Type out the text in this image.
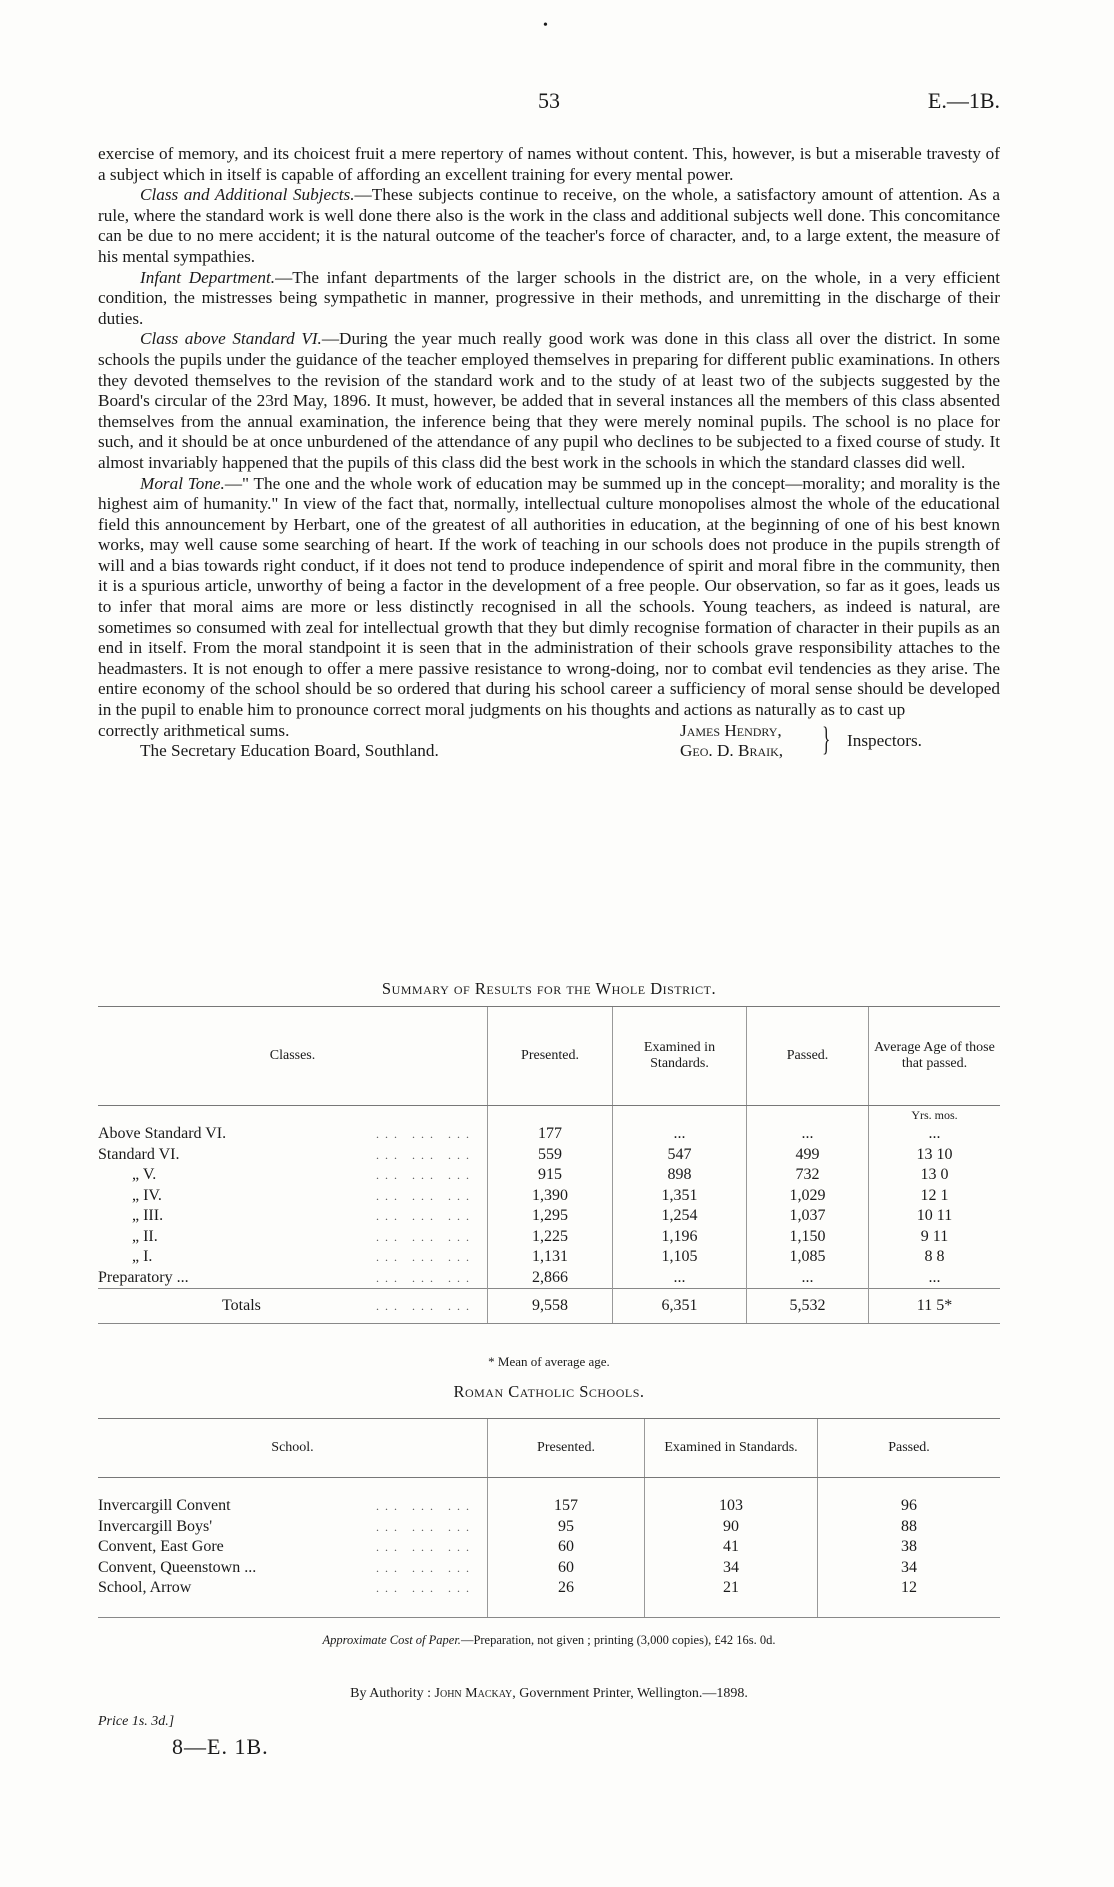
•
53	E.—1B.

exercise of memory, and its choicest fruit a mere repertory of names without content. This, however, is but a miserable travesty of a subject which in itself is capable of affording an excellent training for every mental power.

Class and Additional Subjects.—These subjects continue to receive, on the whole, a satisfactory amount of attention. As a rule, where the standard work is well done there also is the work in the class and additional subjects well done. This concomitance can be due to no mere accident; it is the natural outcome of the teacher's force of character, and, to a large extent, the measure of his mental sympathies.

Infant Department.—The infant departments of the larger schools in the district are, on the whole, in a very efficient condition, the mistresses being sympathetic in manner, progressive in their methods, and unremitting in the discharge of their duties.

Class above Standard VI.—During the year much really good work was done in this class all over the district. In some schools the pupils under the guidance of the teacher employed themselves in preparing for different public examinations. In others they devoted themselves to the revision of the standard work and to the study of at least two of the subjects suggested by the Board's circular of the 23rd May, 1896. It must, however, be added that in several instances all the members of this class absented themselves from the annual examination, the inference being that they were merely nominal pupils. The school is no place for such, and it should be at once unburdened of the attendance of any pupil who declines to be subjected to a fixed course of study. It almost invariably happened that the pupils of this class did the best work in the schools in which the standard classes did well.

Moral Tone.—" The one and the whole work of education may be summed up in the concept—morality; and morality is the highest aim of humanity." In view of the fact that, normally, intellectual culture monopolises almost the whole of the educational field this announcement by Herbart, one of the greatest of all authorities in education, at the beginning of one of his best known works, may well cause some searching of heart. If the work of teaching in our schools does not produce in the pupils strength of will and a bias towards right conduct, if it does not tend to produce independence of spirit and moral fibre in the community, then it is a spurious article, unworthy of being a factor in the development of a free people. Our observation, so far as it goes, leads us to infer that moral aims are more or less distinctly recognised in all the schools. Young teachers, as indeed is natural, are sometimes so consumed with zeal for intellectual growth that they but dimly recognise formation of character in their pupils as an end in itself. From the moral standpoint it is seen that in the administration of their schools grave responsibility attaches to the headmasters. It is not enough to offer a mere passive resistance to wrong-doing, nor to combat evil tendencies as they arise. The entire economy of the school should be so ordered that during his school career a sufficiency of moral sense should be developed in the pupil to enable him to pronounce correct moral judgments on his thoughts and actions as naturally as to cast up

correctly arithmetical sums.
The Secretary Education Board, Southland.
James Hendry,
Geo. D. Braik, } Inspectors.
Summary of Results for the Whole District.
Classes.	Presented.	Examined in Standards.	Passed.	Average Age of those that passed.
				Yrs. mos.

Above Standard VI. ... ... ...	177	...	...	...

Standard VI. ... ... ...	559	547	499	13 10

„ V. ... ... ...	915	898	732	13 0

„ IV. ... ... ...	1,390	1,351	1,029	12 1

„ III. ... ... ...	1,295	1,254	1,037	10 11

„ II. ... ... ...	1,225	1,196	1,150	9 11

„ I. ... ... ...	1,131	1,105	1,085	8 8

Preparatory ... ... ... ...	2,866	...	...	...

Totals ... ... ...	9,558	6,351	5,532	11 5*
* Mean of average age.
Roman Catholic Schools.
School.	Presented.	Examined in Standards.	Passed.

Invercargill Convent ... ... ...	157	103	96

Invercargill Boys' ... ... ...	95	90	88

Convent, East Gore ... ... ...	60	41	38

Convent, Queenstown ... ... ... ...	60	34	34

School, Arrow ... ... ...	26	21	12

Approximate Cost of Paper.—Preparation, not given ; printing (3,000 copies), £42 16s. 0d.
By Authority : John Mackay, Government Printer, Wellington.—1898.
Price 1s. 3d.]
8—E. 1B.
